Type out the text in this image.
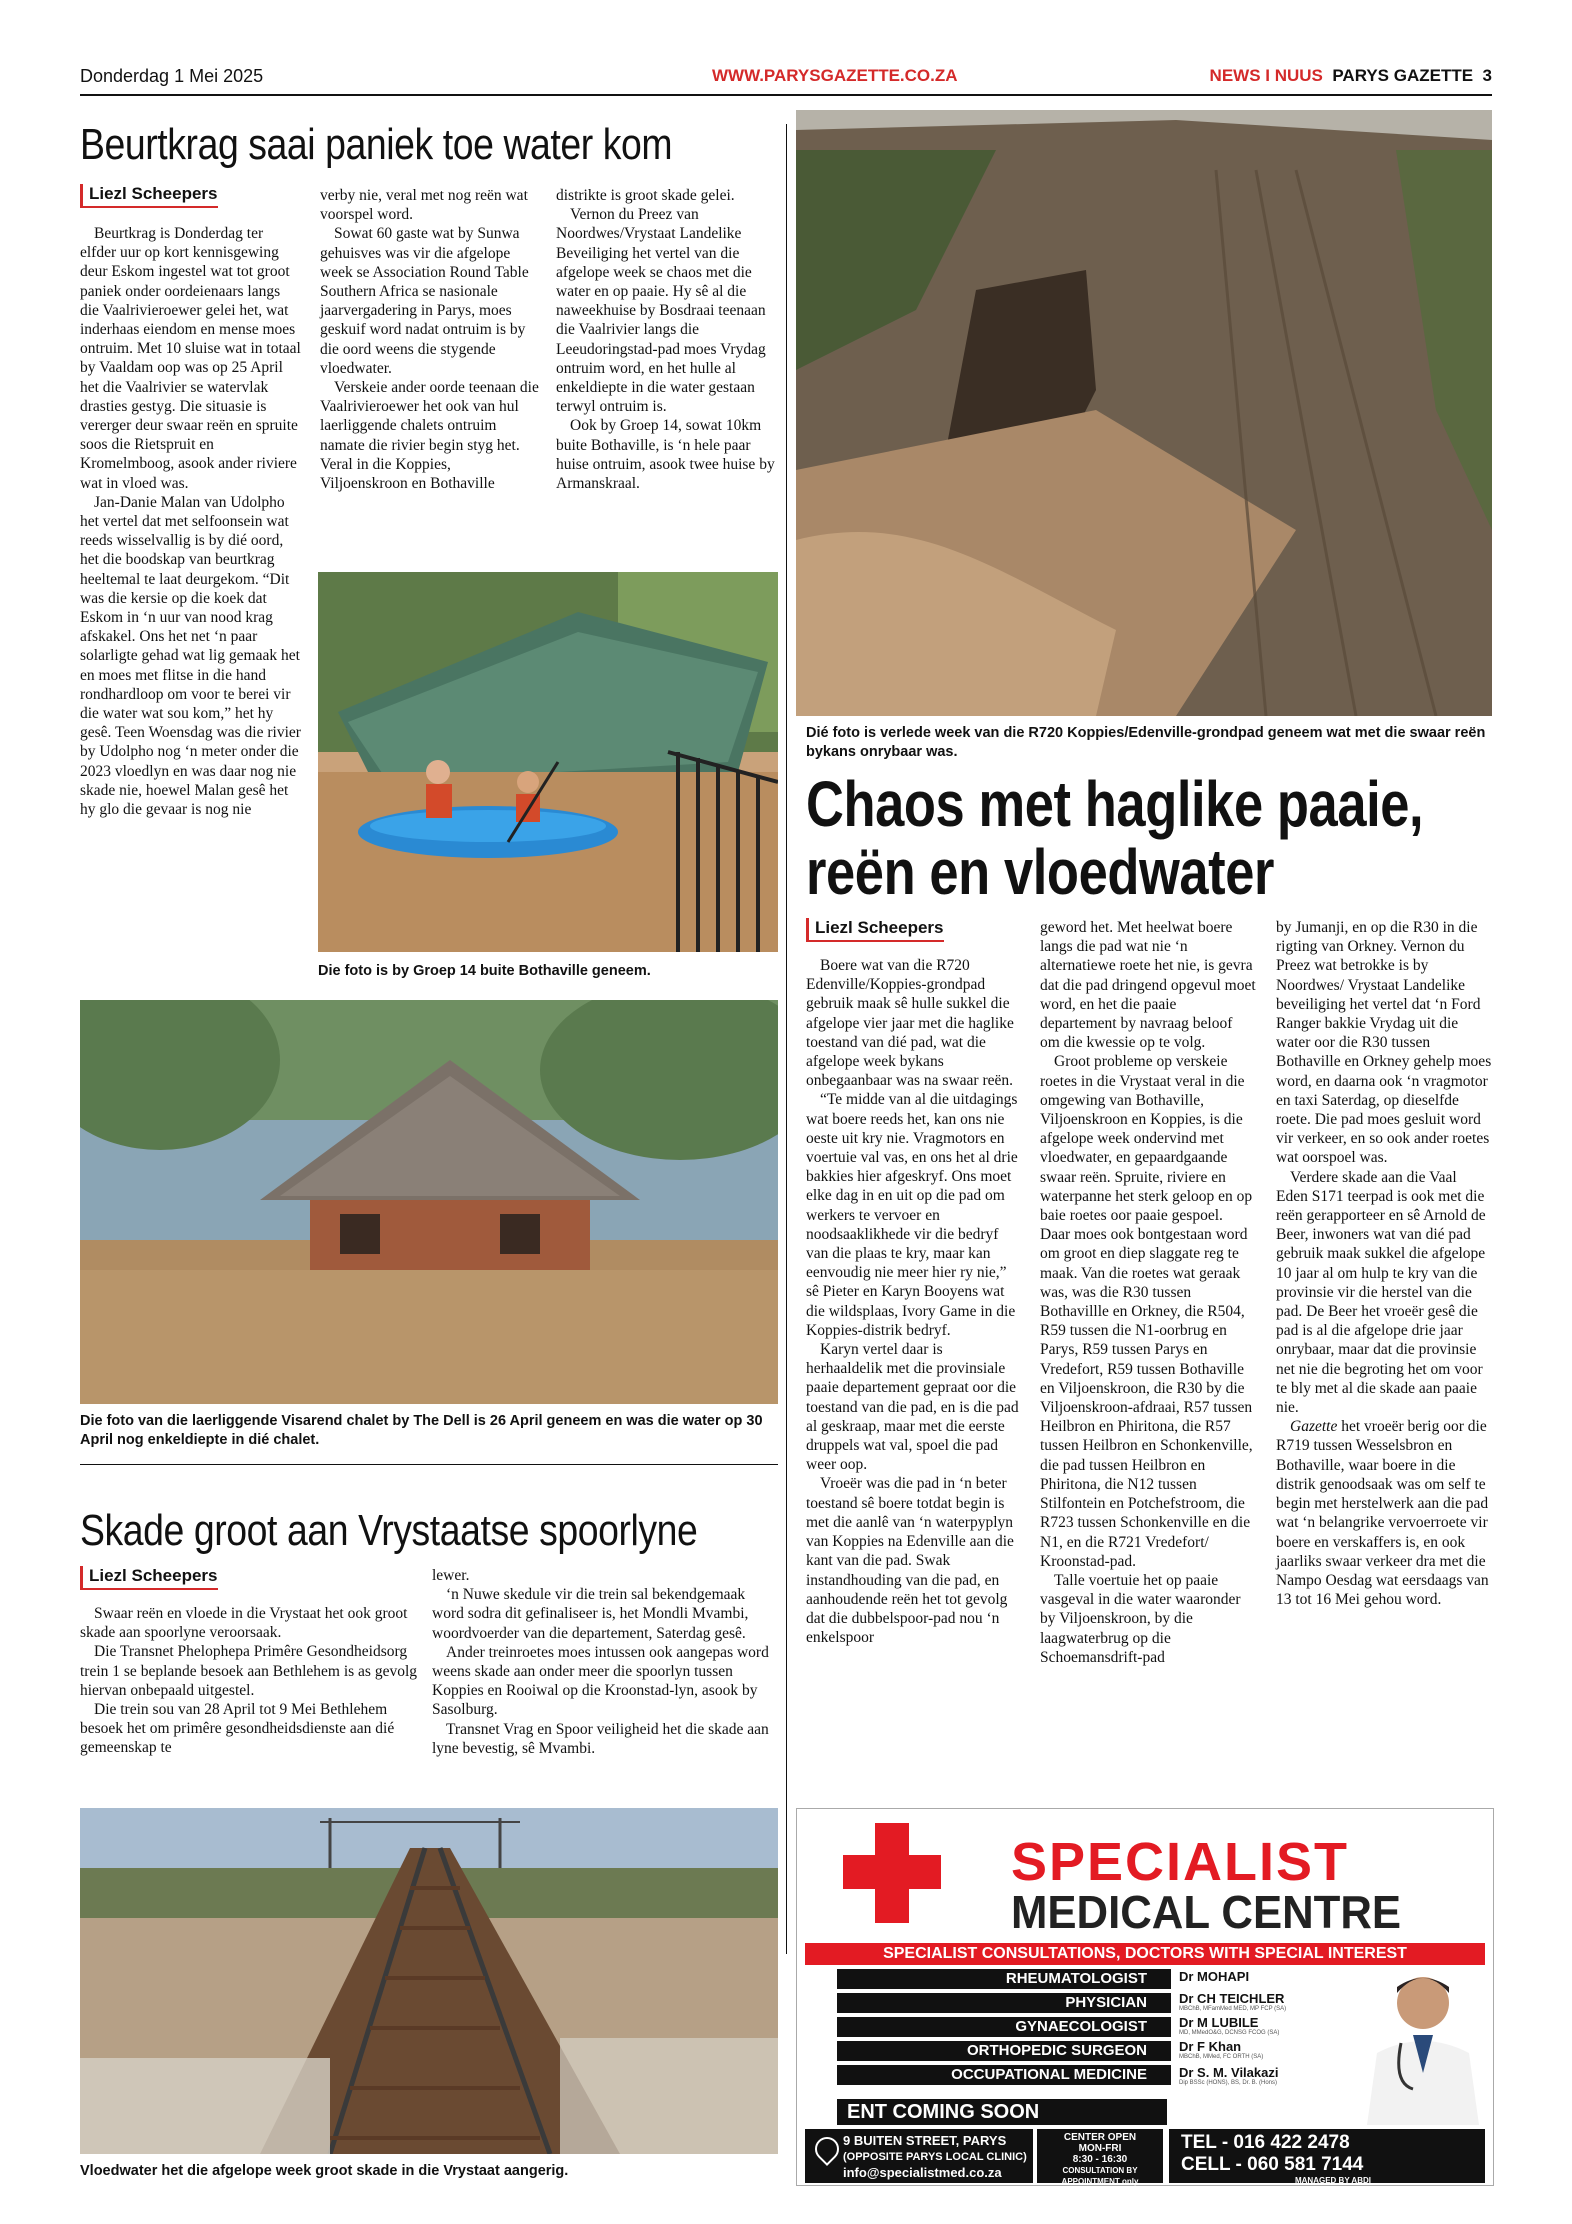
Donderdag 1 Mei 2025	WWW.PARYSGAZETTE.CO.ZA	NEWS I NUUS PARYS GAZETTE 3
Beurtkrag saai paniek toe water kom
Liezl Scheepers

Beurtkrag is Donderdag ter elfder uur op kort kennisgewing deur Eskom ingestel wat tot groot paniek onder oordeienaars langs die Vaalrivieroewer gelei het, wat inderhaas eiendom en mense moes ontruim. Met 10 sluise wat in totaal by Vaaldam oop was op 25 April het die Vaalrivier se watervlak drasties gestyg. Die situasie is vererger deur swaar reën en spruite soos die Rietspruit en Kromelmboog, asook ander riviere wat in vloed was.

Jan-Danie Malan van Udolpho het vertel dat met selfoonsein wat reeds wisselvallig is by dié oord, het die boodskap van beurtkrag heeltemal te laat deurgekom. “Dit was die kersie op die koek dat Eskom in ‘n uur van nood krag afskakel. Ons het net ‘n paar solarligte gehad wat lig gemaak het en moes met flitse in die hand rondhardloop om voor te berei vir die water wat sou kom,” het hy gesê. Teen Woensdag was die rivier by Udolpho nog ‘n meter onder die 2023 vloedlyn en was daar nog nie skade nie, hoewel Malan gesê het hy glo die gevaar is nog nie

verby nie, veral met nog reën wat voorspel word.

Sowat 60 gaste wat by Sunwa gehuisves was vir die afgelope week se Association Round Table Southern Africa se nasionale jaarvergadering in Parys, moes geskuif word nadat ontruim is by die oord weens die stygende vloedwater.

Verskeie ander oorde teenaan die Vaalrivieroewer het ook van hul laerliggende chalets ontruim namate die rivier begin styg het. Veral in die Koppies, Viljoenskroon en Bothaville

distrikte is groot skade gelei.

Vernon du Preez van Noordwes/Vrystaat Landelike Beveiliging het vertel van die afgelope week se chaos met die water en op paaie. Hy sê al die naweekhuise by Bosdraai teenaan die Vaalrivier langs die Leeudoringstad-pad moes Vrydag ontruim word, en het hulle al enkeldiepte in die water gestaan terwyl ontruim is.

Ook by Groep 14, sowat 10km buite Bothaville, is ‘n hele paar huise ontruim, asook twee huise by Armanskraal.

Die foto is by Groep 14 buite Bothaville geneem.
Die foto van die laerliggende Visarend chalet by The Dell is 26 April geneem en was die water op 30 April nog enkeldiepte in dié chalet.
Skade groot aan Vrystaatse spoorlyne
Liezl Scheepers

Swaar reën en vloede in die Vrystaat het ook groot skade aan spoorlyne veroorsaak.

Die Transnet Phelophepa Primêre Gesondheidsorg trein 1 se beplande besoek aan Bethlehem is as gevolg hiervan onbepaald uitgestel.

Die trein sou van 28 April tot 9 Mei Bethlehem besoek het om primêre gesondheidsdienste aan dié gemeenskap te

lewer.

‘n Nuwe skedule vir die trein sal bekendgemaak word sodra dit gefinaliseer is, het Mondli Mvambi, woordvoerder van die departement, Saterdag gesê.

Ander treinroetes moes intussen ook aangepas word weens skade aan onder meer die spoorlyn tussen Koppies en Rooiwal op die Kroonstad-lyn, asook by Sasolburg.

Transnet Vrag en Spoor veiligheid het die skade aan lyne bevestig, sê Mvambi.

Vloedwater het die afgelope week groot skade in die Vrystaat aangerig.
Dié foto is verlede week van die R720 Koppies/Edenville-grondpad geneem wat met die swaar reën bykans onrybaar was.
Chaos met haglike paaie,
reën en vloedwater
Liezl Scheepers

Boere wat van die R720 Edenville/Koppies-grondpad gebruik maak sê hulle sukkel die afgelope vier jaar met die haglike toestand van dié pad, wat die afgelope week bykans onbegaanbaar was na swaar reën.

“Te midde van al die uitdagings wat boere reeds het, kan ons nie oeste uit kry nie. Vragmotors en voertuie val vas, en ons het al drie bakkies hier afgeskryf. Ons moet elke dag in en uit op die pad om werkers te vervoer en noodsaaklikhede vir die bedryf van die plaas te kry, maar kan eenvoudig nie meer hier ry nie,” sê Pieter en Karyn Booyens wat die wildsplaas, Ivory Game in die Koppies-distrik bedryf.

Karyn vertel daar is herhaaldelik met die provinsiale paaie departement gepraat oor die toestand van die pad, en is die pad al geskraap, maar met die eerste druppels wat val, spoel die pad weer oop.

Vroeër was die pad in ‘n beter toestand sê boere totdat begin is met die aanlê van ‘n waterpyplyn van Koppies na Edenville aan die kant van die pad. Swak instandhouding van die pad, en aanhoudende reën het tot gevolg dat die dubbelspoor-pad nou ‘n enkelspoor

geword het. Met heelwat boere langs die pad wat nie ‘n alternatiewe roete het nie, is gevra dat die pad dringend opgevul moet word, en het die paaie departement by navraag beloof om die kwessie op te volg.

Groot probleme op verskeie roetes in die Vrystaat veral in die omgewing van Bothaville, Viljoenskroon en Koppies, is die afgelope week ondervind met vloedwater, en gepaardgaande swaar reën. Spruite, riviere en waterpanne het sterk geloop en op baie roetes oor paaie gespoel. Daar moes ook bontgestaan word om groot en diep slaggate reg te maak. Van die roetes wat geraak was, was die R30 tussen Bothavillle en Orkney, die R504, R59 tussen die N1-oorbrug en Parys, R59 tussen Parys en Vredefort, R59 tussen Bothaville en Viljoenskroon, die R30 by die Viljoenskroon-afdraai, R57 tussen Heilbron en Phiritona, die R57 tussen Heilbron en Schonkenville, die pad tussen Heilbron en Phiritona, die N12 tussen Stilfontein en Potchefstroom, die R723 tussen Schonkenville en die N1, en die R721 Vredefort/ Kroonstad-pad.

Talle voertuie het op paaie vasgeval in die water waaronder by Viljoenskroon, by die laagwaterbrug op die Schoemansdrift-pad

by Jumanji, en op die R30 in die rigting van Orkney. Vernon du Preez wat betrokke is by Noordwes/ Vrystaat Landelike beveiliging het vertel dat ‘n Ford Ranger bakkie Vrydag uit die water oor die R30 tussen Bothaville en Orkney gehelp moes word, en daarna ook ‘n vragmotor en taxi Saterdag, op dieselfde roete. Die pad moes gesluit word vir verkeer, en so ook ander roetes wat oorspoel was.

Verdere skade aan die Vaal Eden S171 teerpad is ook met die reën gerapporteer en sê Arnold de Beer, inwoners wat van dié pad gebruik maak sukkel die afgelope 10 jaar al om hulp te kry van die provinsie vir die herstel van die pad. De Beer het vroeër gesê die pad is al die afgelope drie jaar onrybaar, maar dat die provinsie net nie die begroting het om voor te bly met al die skade aan paaie nie.

Gazette het vroeër berig oor die R719 tussen Wesselsbron en Bothaville, waar boere in die distrik genoodsaak was om self te begin met herstelwerk aan die pad wat ‘n belangrike vervoerroete vir boere en verskaffers is, en ook jaarliks swaar verkeer dra met die Nampo Oesdag wat eersdaags van 13 tot 16 Mei gehou word.

SPECIALIST
MEDICAL CENTRE
SPECIALIST CONSULTATIONS, DOCTORS WITH SPECIAL INTEREST
RHEUMATOLOGIST
PHYSICIAN
GYNAECOLOGIST
ORTHOPEDIC SURGEON
OCCUPATIONAL MEDICINE
Dr MOHAPI
Dr CH TEICHLER
MBChB, MFamMed MED, MP FCP (SA)
Dr M LUBILE
MD, MMedO&G, DCNSG FCOG (SA)
Dr F Khan
MBChB, MMed, FC ORTH (SA)
Dr S. M. Vilakazi
Dip BSSc (HONS), BS, Dr. B. (Hons)
ENT COMING SOON
9 BUITEN STREET, PARYS
(OPPOSITE PARYS LOCAL CLINIC)
info@specialistmed.co.za
CENTER OPEN
MON-FRI
8:30 - 16:30
CONSULTATION BY
APPOINTMENT only
TEL - 016 422 2478
CELL - 060 581 7144
MANAGED BY ABDI
